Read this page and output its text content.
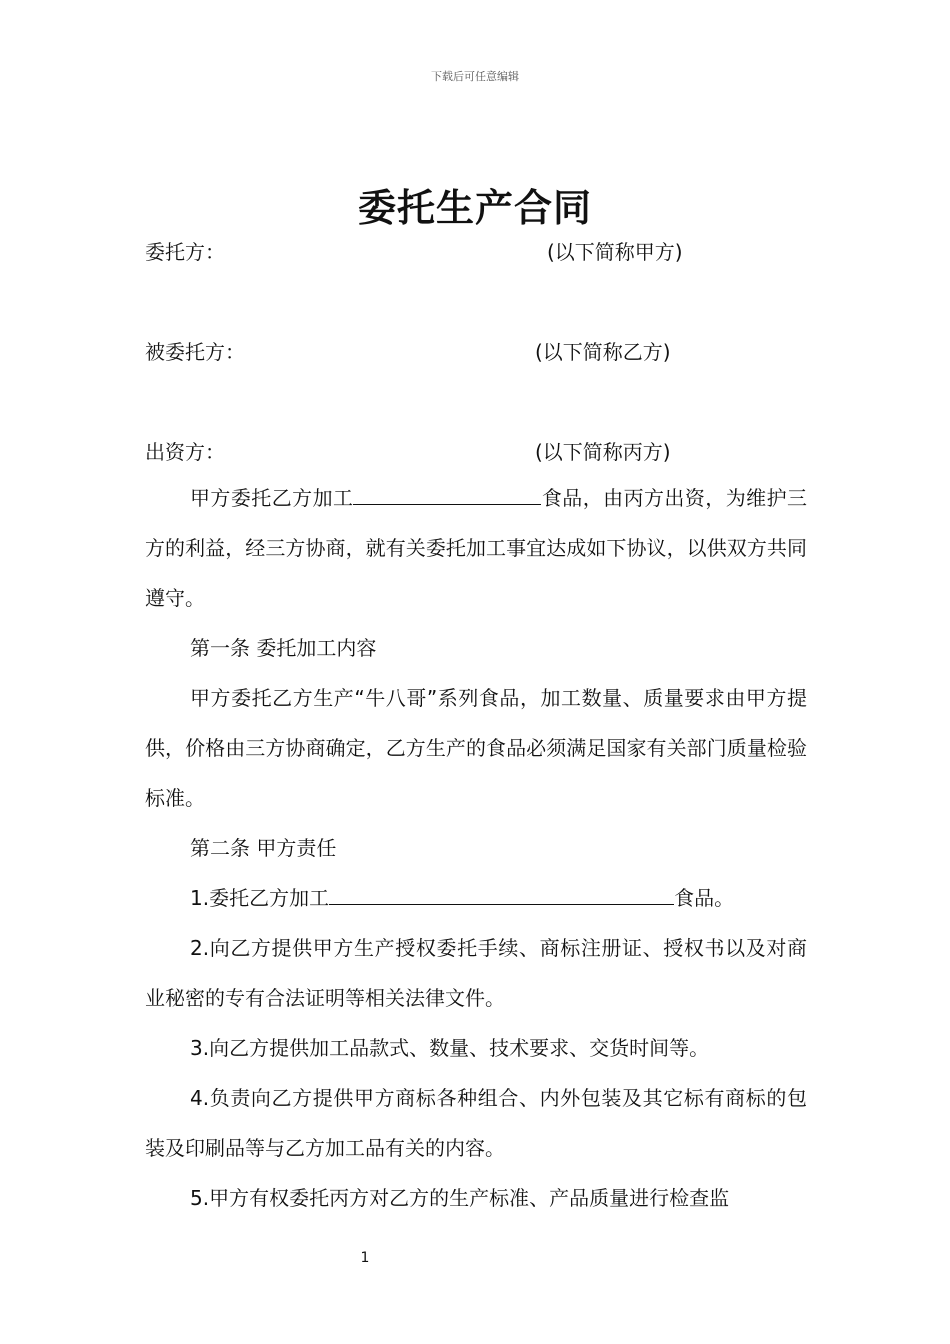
下载后可任意编辑
委托生产合同
委托方：	(以下简称甲方)
被委托方：	(以下简称乙方)
出资方：	(以下简称丙方)
甲方委托乙方加工	食品，由丙方出资，为维护三方的利益，经三方协商，就有关委托加工事宜达成如下协议，以供双方共同遵守。
第一条 委托加工内容
甲方委托乙方生产“牛八哥”系列食品，加工数量、质量要求由甲方提供，价格由三方协商确定，乙方生产的食品必须满足国家有关部门质量检验标准。
第二条 甲方责任
1.委托乙方加工	食品。
2.向乙方提供甲方生产授权委托手续、商标注册证、授权书以及对商业秘密的专有合法证明等相关法律文件。
3.向乙方提供加工品款式、数量、技术要求、交货时间等。
4.负责向乙方提供甲方商标各种组合、内外包装及其它标有商标的包装及印刷品等与乙方加工品有关的内容。
5.甲方有权委托丙方对乙方的生产标准、产品质量进行检查监
1
